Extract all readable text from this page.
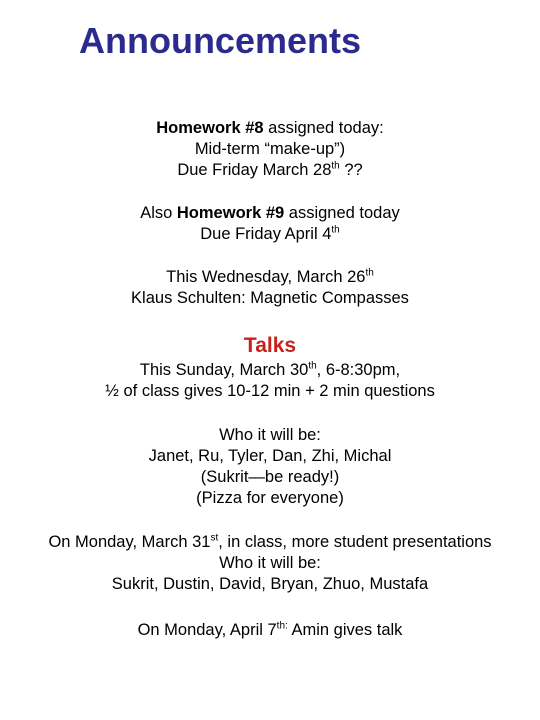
Announcements
Homework #8 assigned today:
Mid-term “make-up”)
Due Friday March 28th ??
Also Homework #9 assigned today
Due Friday April 4th
This Wednesday, March 26th
Klaus Schulten: Magnetic Compasses
Talks
This Sunday, March 30th, 6-8:30pm,
½ of class gives 10-12 min + 2 min questions
Who it will be:
Janet, Ru, Tyler, Dan, Zhi, Michal
(Sukrit—be ready!)
(Pizza for everyone)
On Monday, March 31st, in class, more student presentations
Who it will be:
Sukrit, Dustin, David, Bryan, Zhuo, Mustafa
On Monday, April $7^{th:}$ Amin gives talk
